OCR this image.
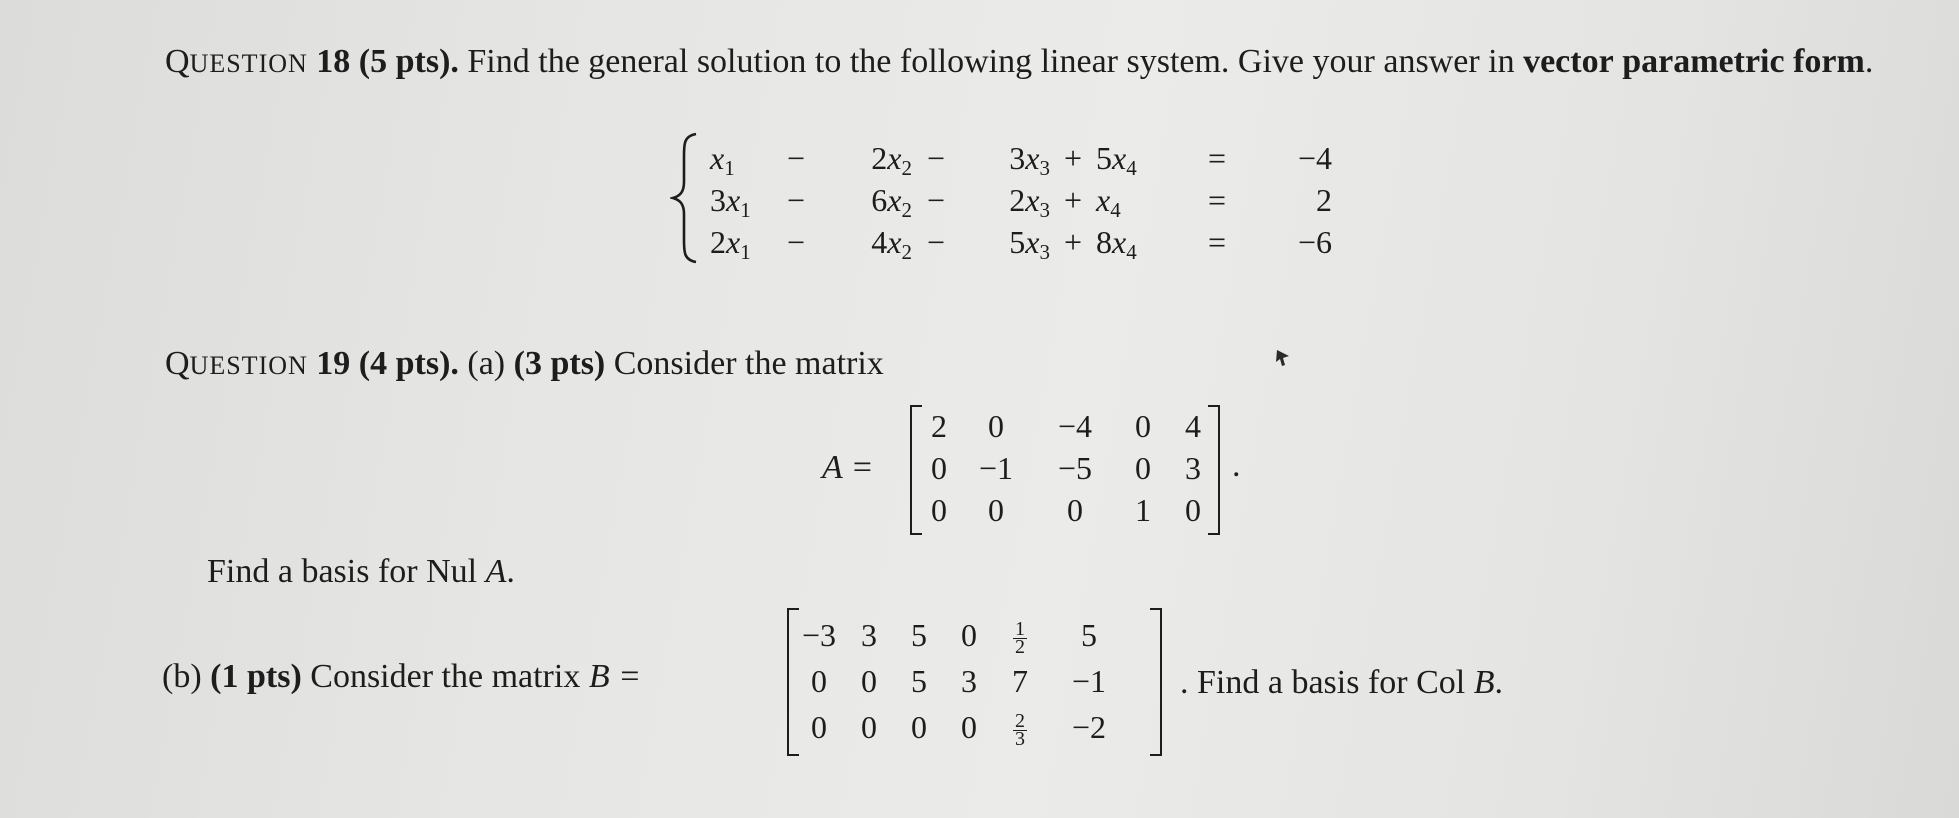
QUESTION 18 (5 pts). Find the general solution to the following linear system. Give your answer in vector parametric form.
$x_1$	−	$2x_2$ −	$3x_3 + 5x_4$	=	−4
$3x_1$	−	$6x_2$ −	$2x_3 + x_4$	=	2
$2x_1$	−	$4x_2$ −	$5x_3 + 8x_4$	=	−6
QUESTION 19 (4 pts). (a) (3 pts) Consider the matrix
A =
2	0	−4	0	4
0 −1	−5	0	3
0	0	0	1	0
.
Find a basis for Nul A.
(b) (1 pts) Consider the matrix B =
−3 3	5	0	$\frac{1}{2}$	5
0	0	5	3	7	−1
0	0	0	0	$\frac{2}{3}$	−2
. Find a basis for Col B.
